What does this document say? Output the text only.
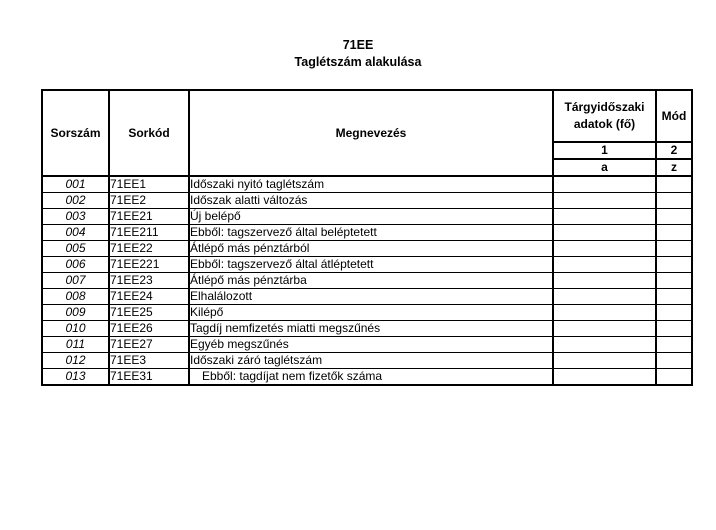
71EE
Taglétszám alakulása
Sorszám	Sorkód	Megnevezés	Tárgyidőszaki adatok (fő)	Mód
			1	2
			a	z
001	71EE1	Időszaki nyitó taglétszám		
002	71EE2	Időszak alatti változás		
003	71EE21	Új belépő		
004	71EE211	Ebből: tagszervező által beléptetett		
005	71EE22	Átlépő más pénztárból		
006	71EE221	Ebből: tagszervező által átléptetett		
007	71EE23	Átlépő más pénztárba		
008	71EE24	Elhalálozott		
009	71EE25	Kilépő		
010	71EE26	Tagdíj nemfizetés miatti megszűnés		
011	71EE27	Egyéb megszűnés		
012	71EE3	Időszaki záró taglétszám		
013	71EE31	Ebből: tagdíjat nem fizetők száma		
